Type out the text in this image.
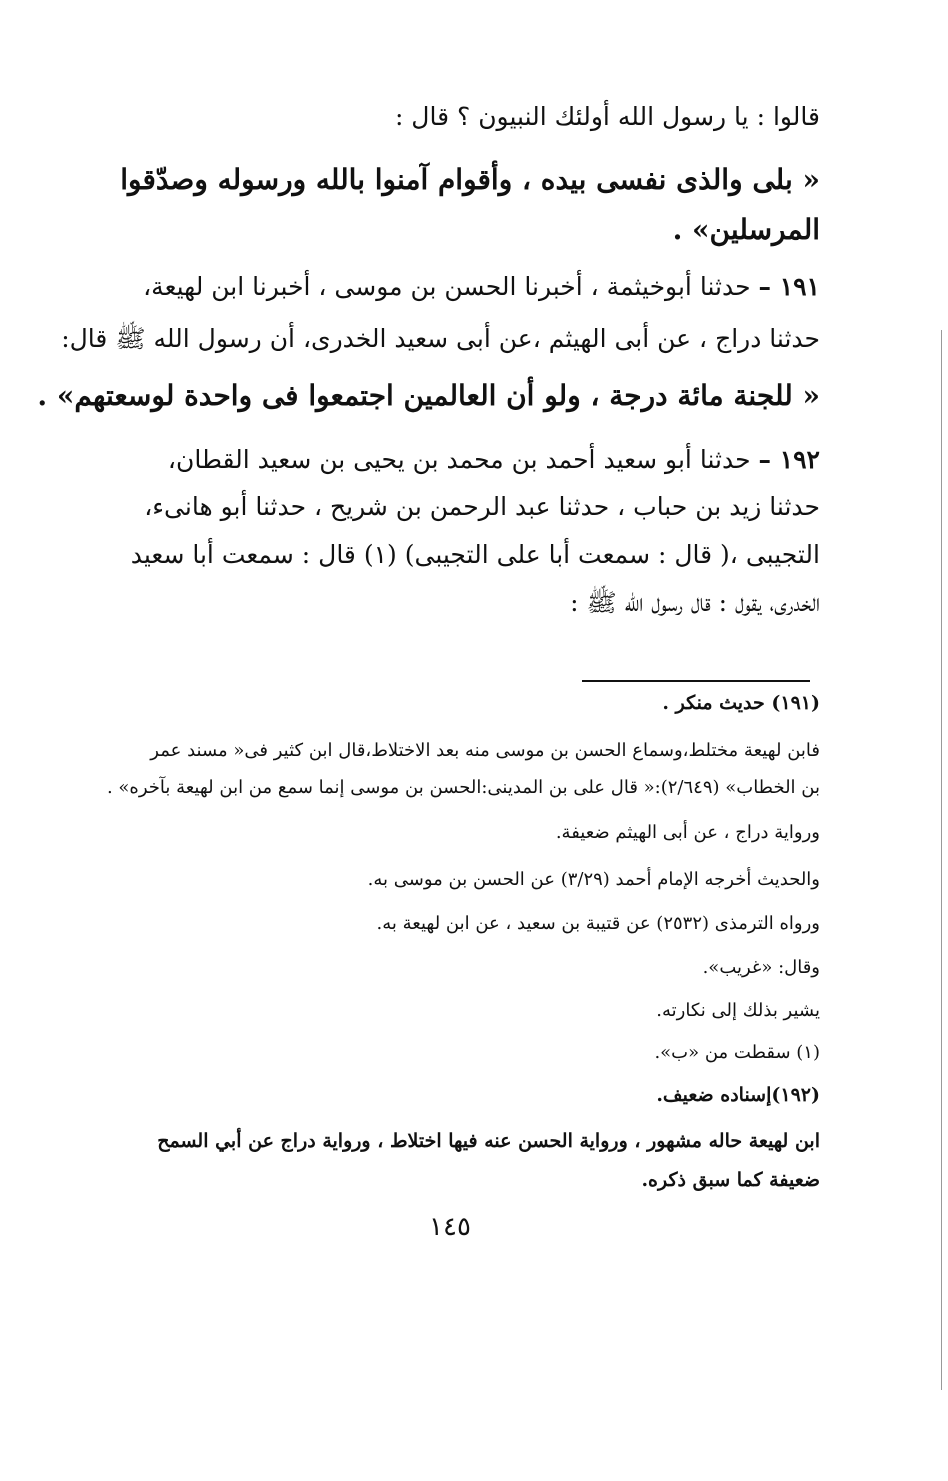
قالوا : يا رسول الله أولئك النبيون ؟ قال :
« بلى والذى نفسى بيده ، وأقوام آمنوا بالله ورسوله وصدّقوا
المرسلين» .
١٩١ – حدثنا أبوخيثمة ، أخبرنا الحسن بن موسى ، أخبرنا ابن لهيعة،
حدثنا دراج ، عن أبى الهيثم ،عن أبى سعيد الخدرى، أن رسول الله ﷺ قال:
« للجنة مائة درجة ، ولو أن العالمين اجتمعوا فى واحدة لوسعتهم» .
١٩٢ – حدثنا أبو سعيد أحمد بن محمد بن يحيى بن سعيد القطان،
حدثنا زيد بن حباب ، حدثنا عبد الرحمن بن شريح ، حدثنا أبو هانىء،
التجيبى ،( قال : سمعت أبا على التجيبى) (١) قال : سمعت أبا سعيد
الخدرى، يقول : قال رسول الله ﷺ :
(١٩١) حديث منكر .
فابن لهيعة مختلط،وسماع الحسن بن موسى منه بعد الاختلاط،قال ابن كثير فى« مسند عمر
بن الخطاب» (٢/٦٤٩):« قال على بن المدينى:الحسن بن موسى إنما سمع من ابن لهيعة بآخره» .
ورواية دراج ، عن أبى الهيثم ضعيفة.
والحديث أخرجه الإمام أحمد (٣/٢٩) عن الحسن بن موسى به.
ورواه الترمذى (٢٥٣٢) عن قتيبة بن سعيد ، عن ابن لهيعة به.
وقال: «غريب».
يشير بذلك إلى نكارته.
(١) سقطت من «ب».
(١٩٢)إسناده ضعيف.
ابن لهيعة حاله مشهور ، ورواية الحسن عنه فيها اختلاط ، ورواية دراج عن أبي السمح
ضعيفة كما سبق ذكره.
١٤٥
